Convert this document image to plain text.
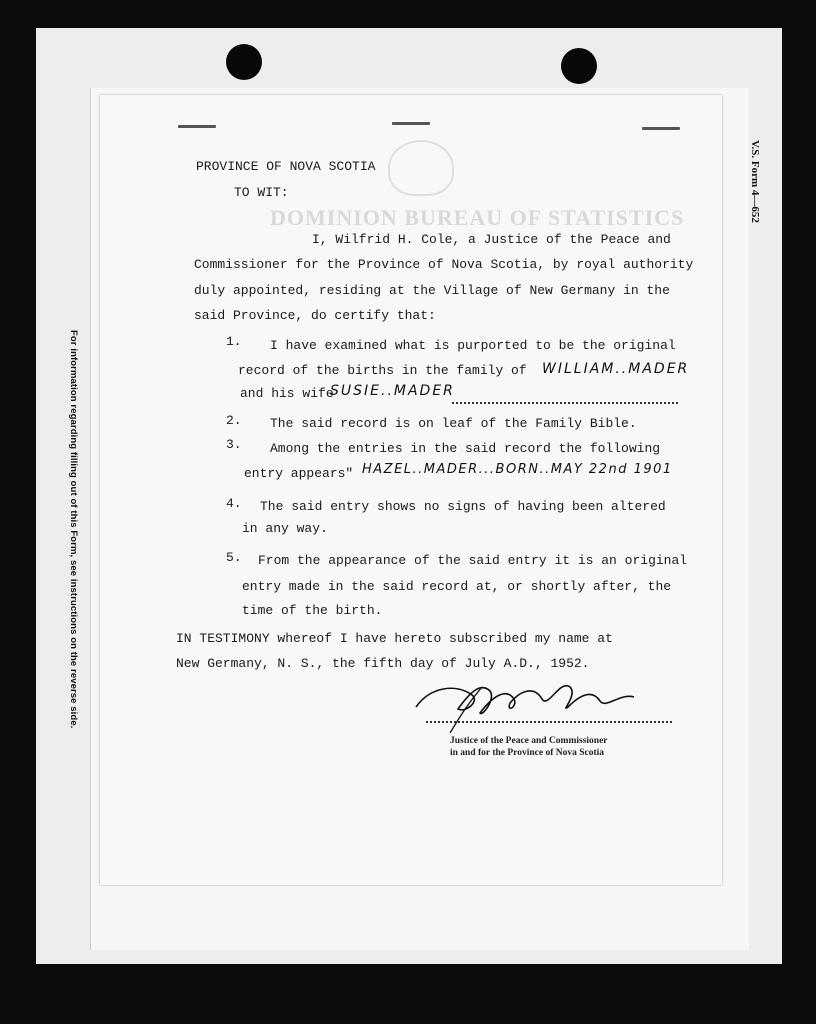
For information regarding filling out of this Form, see instructions on the reverse side.
V.S. Form 4—652
DOMINION BUREAU OF STATISTICS
PROVINCE OF NOVA SCOTIA
TO WIT:
I, Wilfrid H. Cole, a Justice of the Peace and
Commissioner for the Province of Nova Scotia, by royal authority
duly appointed, residing at the Village of New Germany in the
said Province, do certify that:
1. I have examined what is purported to be the original
record of the births in the family of WILLIAM..MADER
and his wife
SUSIE..MADER
2. The said record is on leaf of the Family Bible.
3. Among the entries in the said record the following
entry appears" HAZEL..MADER...BORN..MAY 22nd 1901
4. The said entry shows no signs of having been altered
in any way.
5. From the appearance of the said entry it is an original
entry made in the said record at, or shortly after, the
time of the birth.
IN TESTIMONY whereof I have hereto subscribed my name at
New Germany, N. S., the fifth day of July A.D., 1952.
Justice of the Peace and Commissioner
in and for the Province of Nova Scotia
